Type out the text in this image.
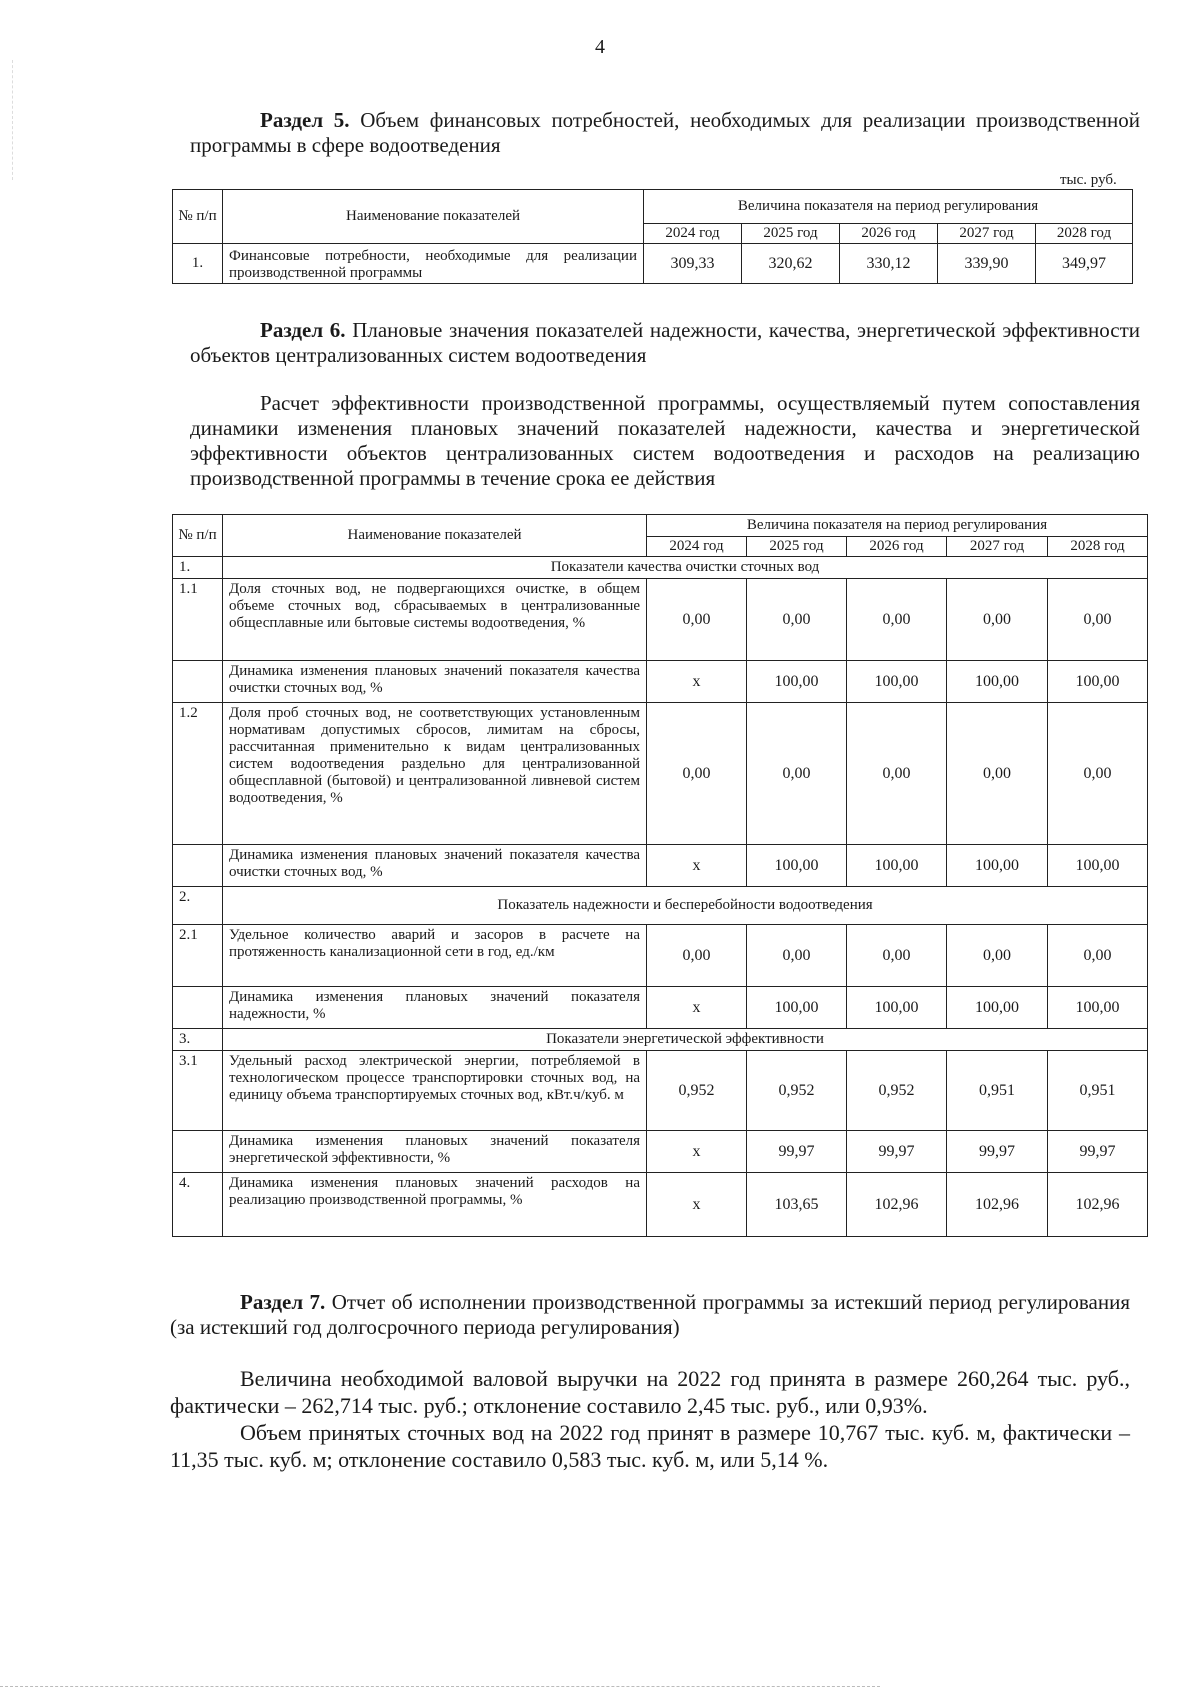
4
Раздел 5. Объем финансовых потребностей, необходимых для реализации производственной программы в сфере водоотведения
тыс. руб.
№ п/п	Наименование показателей	Величина показателя на период регулирования				
		2024 год	2025 год	2026 год	2027 год	2028 год
1.	Финансовые потребности, необходимые для реализации производственной программы	309,33	320,62	330,12	339,90	349,97
Раздел 6. Плановые значения показателей надежности, качества, энергетической эффективности объектов централизованных систем водоотведения
Расчет эффективности производственной программы, осуществляемый путем сопоставления динамики изменения плановых значений показателей надежности, качества и энергетической эффективности объектов централизованных систем водоотведения и расходов на реализацию производственной программы в течение срока ее действия
№ п/п	Наименование показателей	Величина показателя на период регулирования				
		2024 год	2025 год	2026 год	2027 год	2028 год
1.	Показатели качества очистки сточных вод					
1.1	Доля сточных вод, не подвергающихся очистке, в общем объеме сточных вод, сбрасываемых в централизованные общесплавные или бытовые системы водоотведения, %	0,00	0,00	0,00	0,00	0,00
	Динамика изменения плановых значений показателя качества очистки сточных вод, %	х	100,00	100,00	100,00	100,00
1.2	Доля проб сточных вод, не соответствующих установленным нормативам допустимых сбросов, лимитам на сбросы, рассчитанная применительно к видам централизованных систем водоотведения раздельно для централизованной общесплавной (бытовой) и централизованной ливневой систем водоотведения, %	0,00	0,00	0,00	0,00	0,00
	Динамика изменения плановых значений показателя качества очистки сточных вод, %	х	100,00	100,00	100,00	100,00
2.	Показатель надежности и бесперебойности водоотведения					
2.1	Удельное количество аварий и засоров в расчете на протяженность канализационной сети в год, ед./км	0,00	0,00	0,00	0,00	0,00
	Динамика изменения плановых значений показателя надежности, %	х	100,00	100,00	100,00	100,00
3.	Показатели энергетической эффективности					
3.1	Удельный расход электрической энергии, потребляемой в технологическом процессе транспортировки сточных вод, на единицу объема транспортируемых сточных вод, кВт.ч/куб. м	0,952	0,952	0,952	0,951	0,951
	Динамика изменения плановых значений показателя энергетической эффективности, %	х	99,97	99,97	99,97	99,97
4.	Динамика изменения плановых значений расходов на реализацию производственной программы, %	х	103,65	102,96	102,96	102,96
Раздел 7. Отчет об исполнении производственной программы за истекший период регулирования (за истекший год долгосрочного периода регулирования)
Величина необходимой валовой выручки на 2022 год принята в размере 260,264 тыс. руб., фактически – 262,714 тыс. руб.; отклонение составило 2,45 тыс. руб., или 0,93%.
Объем принятых сточных вод на 2022 год принят в размере 10,767 тыс. куб. м, фактически – 11,35 тыс. куб. м; отклонение составило 0,583 тыс. куб. м, или 5,14 %.
